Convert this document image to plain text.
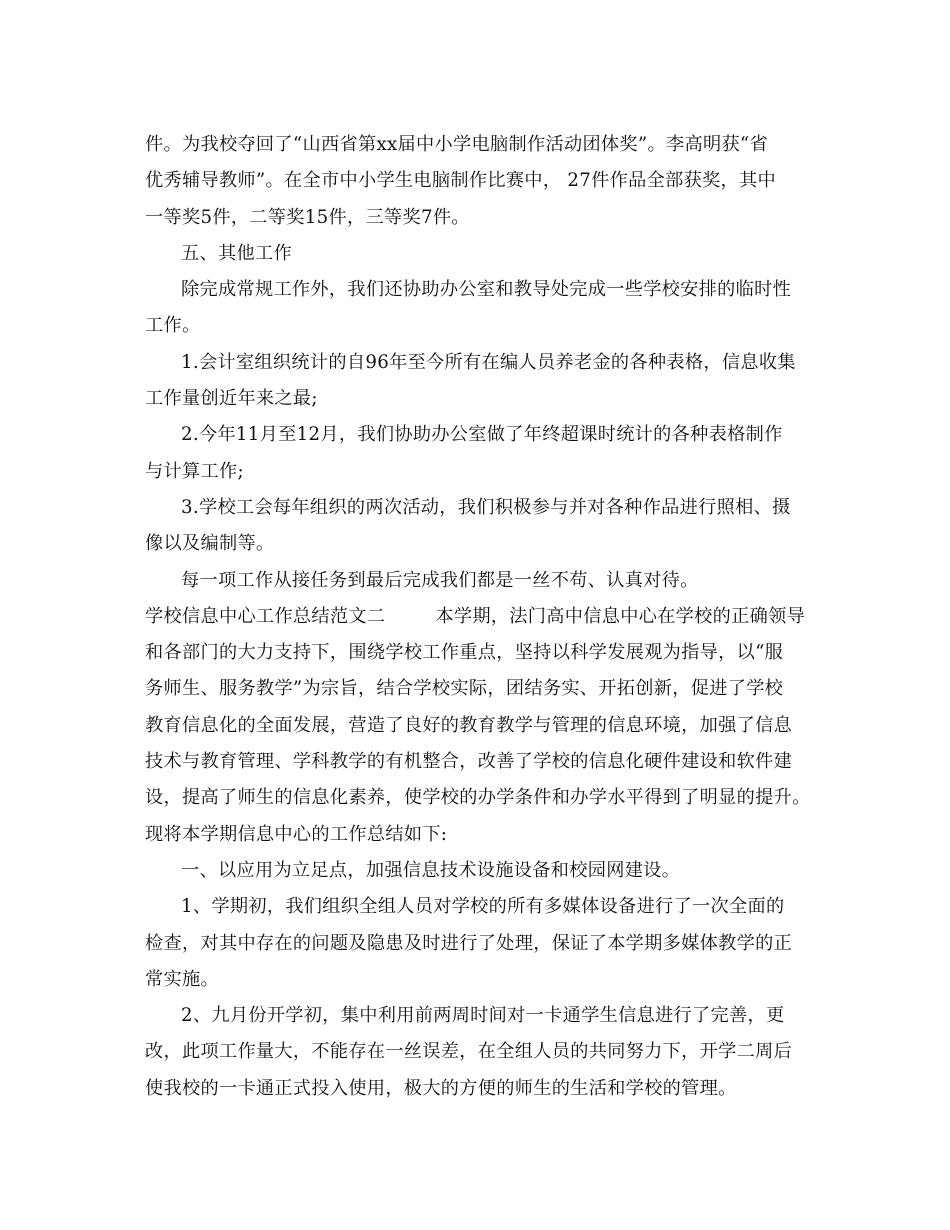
件。为我校夺回了“山西省第xx届中小学电脑制作活动团体奖”。李高明获“省
优秀辅导教师”。在全市中小学生电脑制作比赛中， 27件作品全部获奖，其中
一等奖5件，二等奖15件，三等奖7件。
五、其他工作
除完成常规工作外，我们还协助办公室和教导处完成一些学校安排的临时性
工作。
1.会计室组织统计的自96年至今所有在编人员养老金的各种表格，信息收集
工作量创近年来之最;
2.今年11月至12月，我们协助办公室做了年终超课时统计的各种表格制作
与计算工作;
3.学校工会每年组织的两次活动，我们积极参与并对各种作品进行照相、摄
像以及编制等。
每一项工作从接任务到最后完成我们都是一丝不苟、认真对待。
学校信息中心工作总结范文二	本学期，法门高中信息中心在学校的正确领导
和各部门的大力支持下，围绕学校工作重点，坚持以科学发展观为指导，以“服
务师生、服务教学”为宗旨，结合学校实际，团结务实、开拓创新，促进了学校
教育信息化的全面发展，营造了良好的教育教学与管理的信息环境，加强了信息
技术与教育管理、学科教学的有机整合，改善了学校的信息化硬件建设和软件建
设，提高了师生的信息化素养，使学校的办学条件和办学水平得到了明显的提升。
现将本学期信息中心的工作总结如下:
一、以应用为立足点，加强信息技术设施设备和校园网建设。
1、学期初，我们组织全组人员对学校的所有多媒体设备进行了一次全面的
检查，对其中存在的问题及隐患及时进行了处理，保证了本学期多媒体教学的正
常实施。
2、九月份开学初，集中利用前两周时间对一卡通学生信息进行了完善，更
改，此项工作量大，不能存在一丝误差，在全组人员的共同努力下，开学二周后
使我校的一卡通正式投入使用，极大的方便的师生的生活和学校的管理。
